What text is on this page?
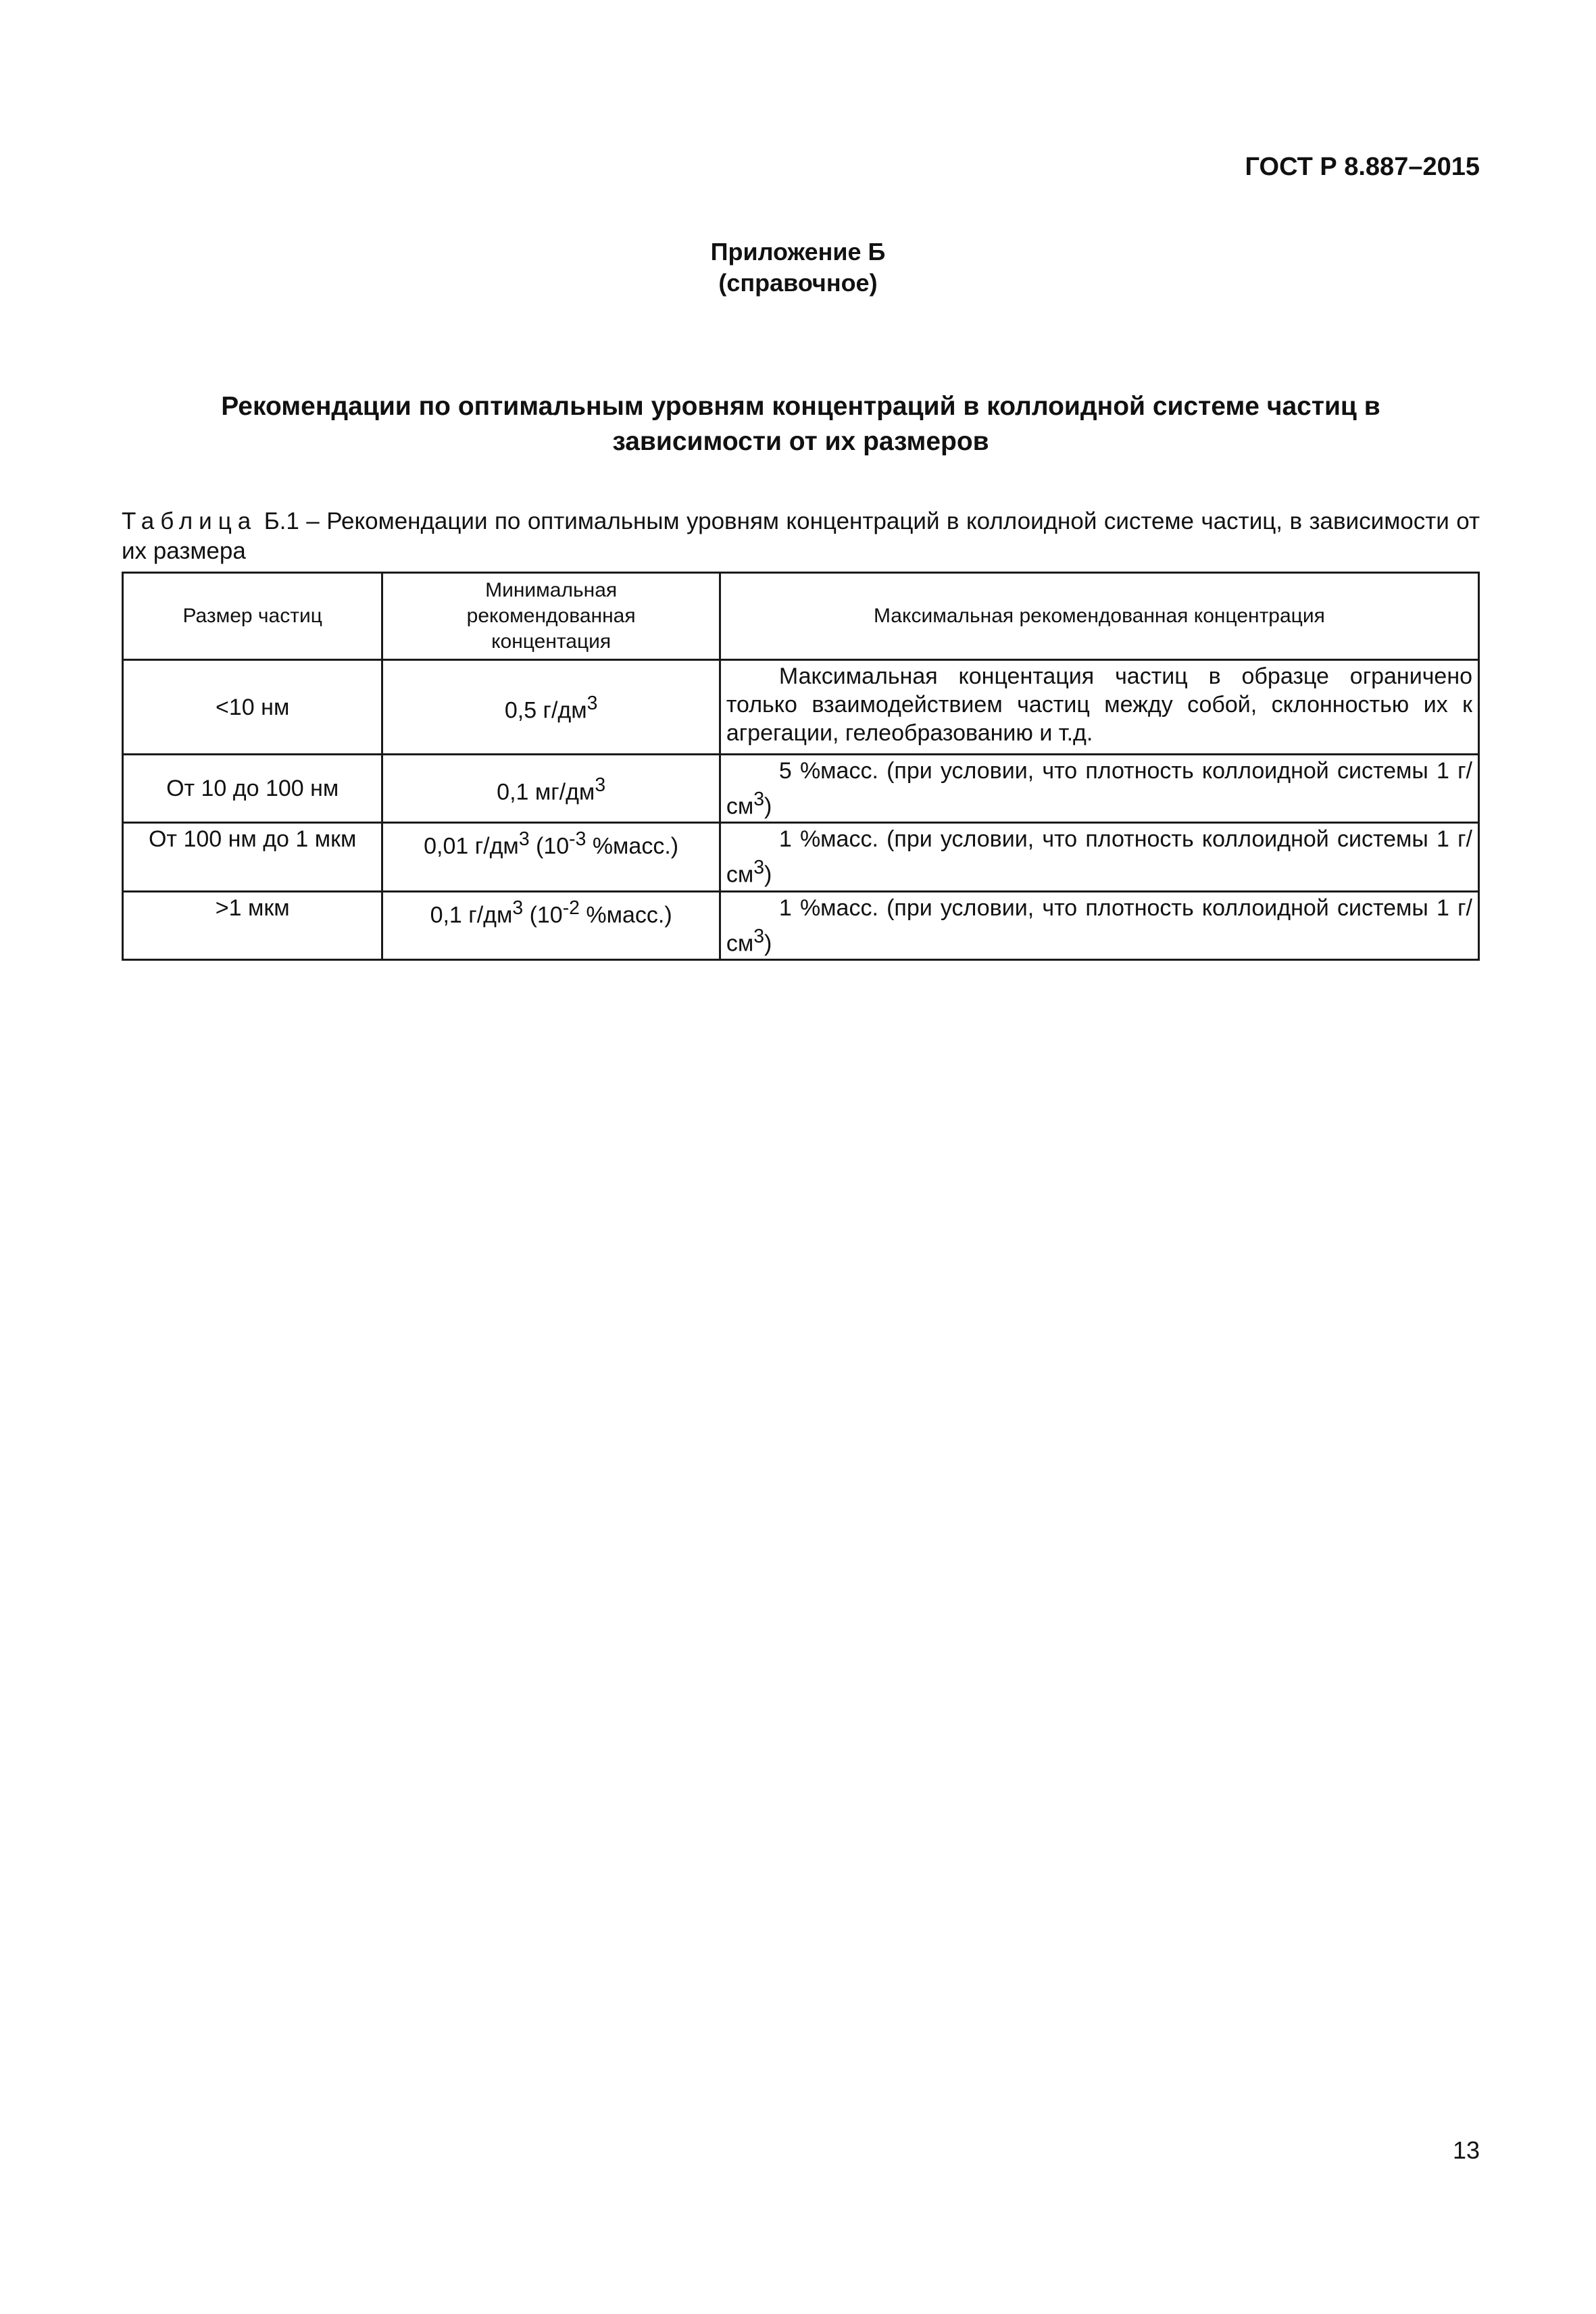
ГОСТ Р 8.887–2015
Приложение Б
(справочное)
Рекомендации по оптимальным уровням концентраций в коллоидной системе частиц в
зависимости от их размеров
Таблица Б.1 – Рекомендации по оптимальным уровням концентраций в коллоидной системе частиц, в зависимости от их размера
Размер частиц	Минимальная
рекомендованная
концентация	Максимальная рекомендованная концентрация
<10 нм	0,5 $г/дм^3$	Максимальная концентация частиц в образце ограничено только взаимодействием частиц между собой, склонностью их к агрегации, гелеобразованию и т.д.
От 10 до 100 нм	0,1 $мг/дм^3$	5 %масс. (при условии, что плотность коллоидной системы 1 $г/см^3$)
От 100 нм до 1 мкм	0,01 $г/дм^3$ ($10^{-3}$ %масс.)	1 %масс. (при условии, что плотность коллоидной системы 1 $г/см^3$)
>1 мкм	0,1 $г/дм^3$ ($10^{-2}$ %масс.)	1 %масс. (при условии, что плотность коллоидной системы 1 $г/см^3$)
13
